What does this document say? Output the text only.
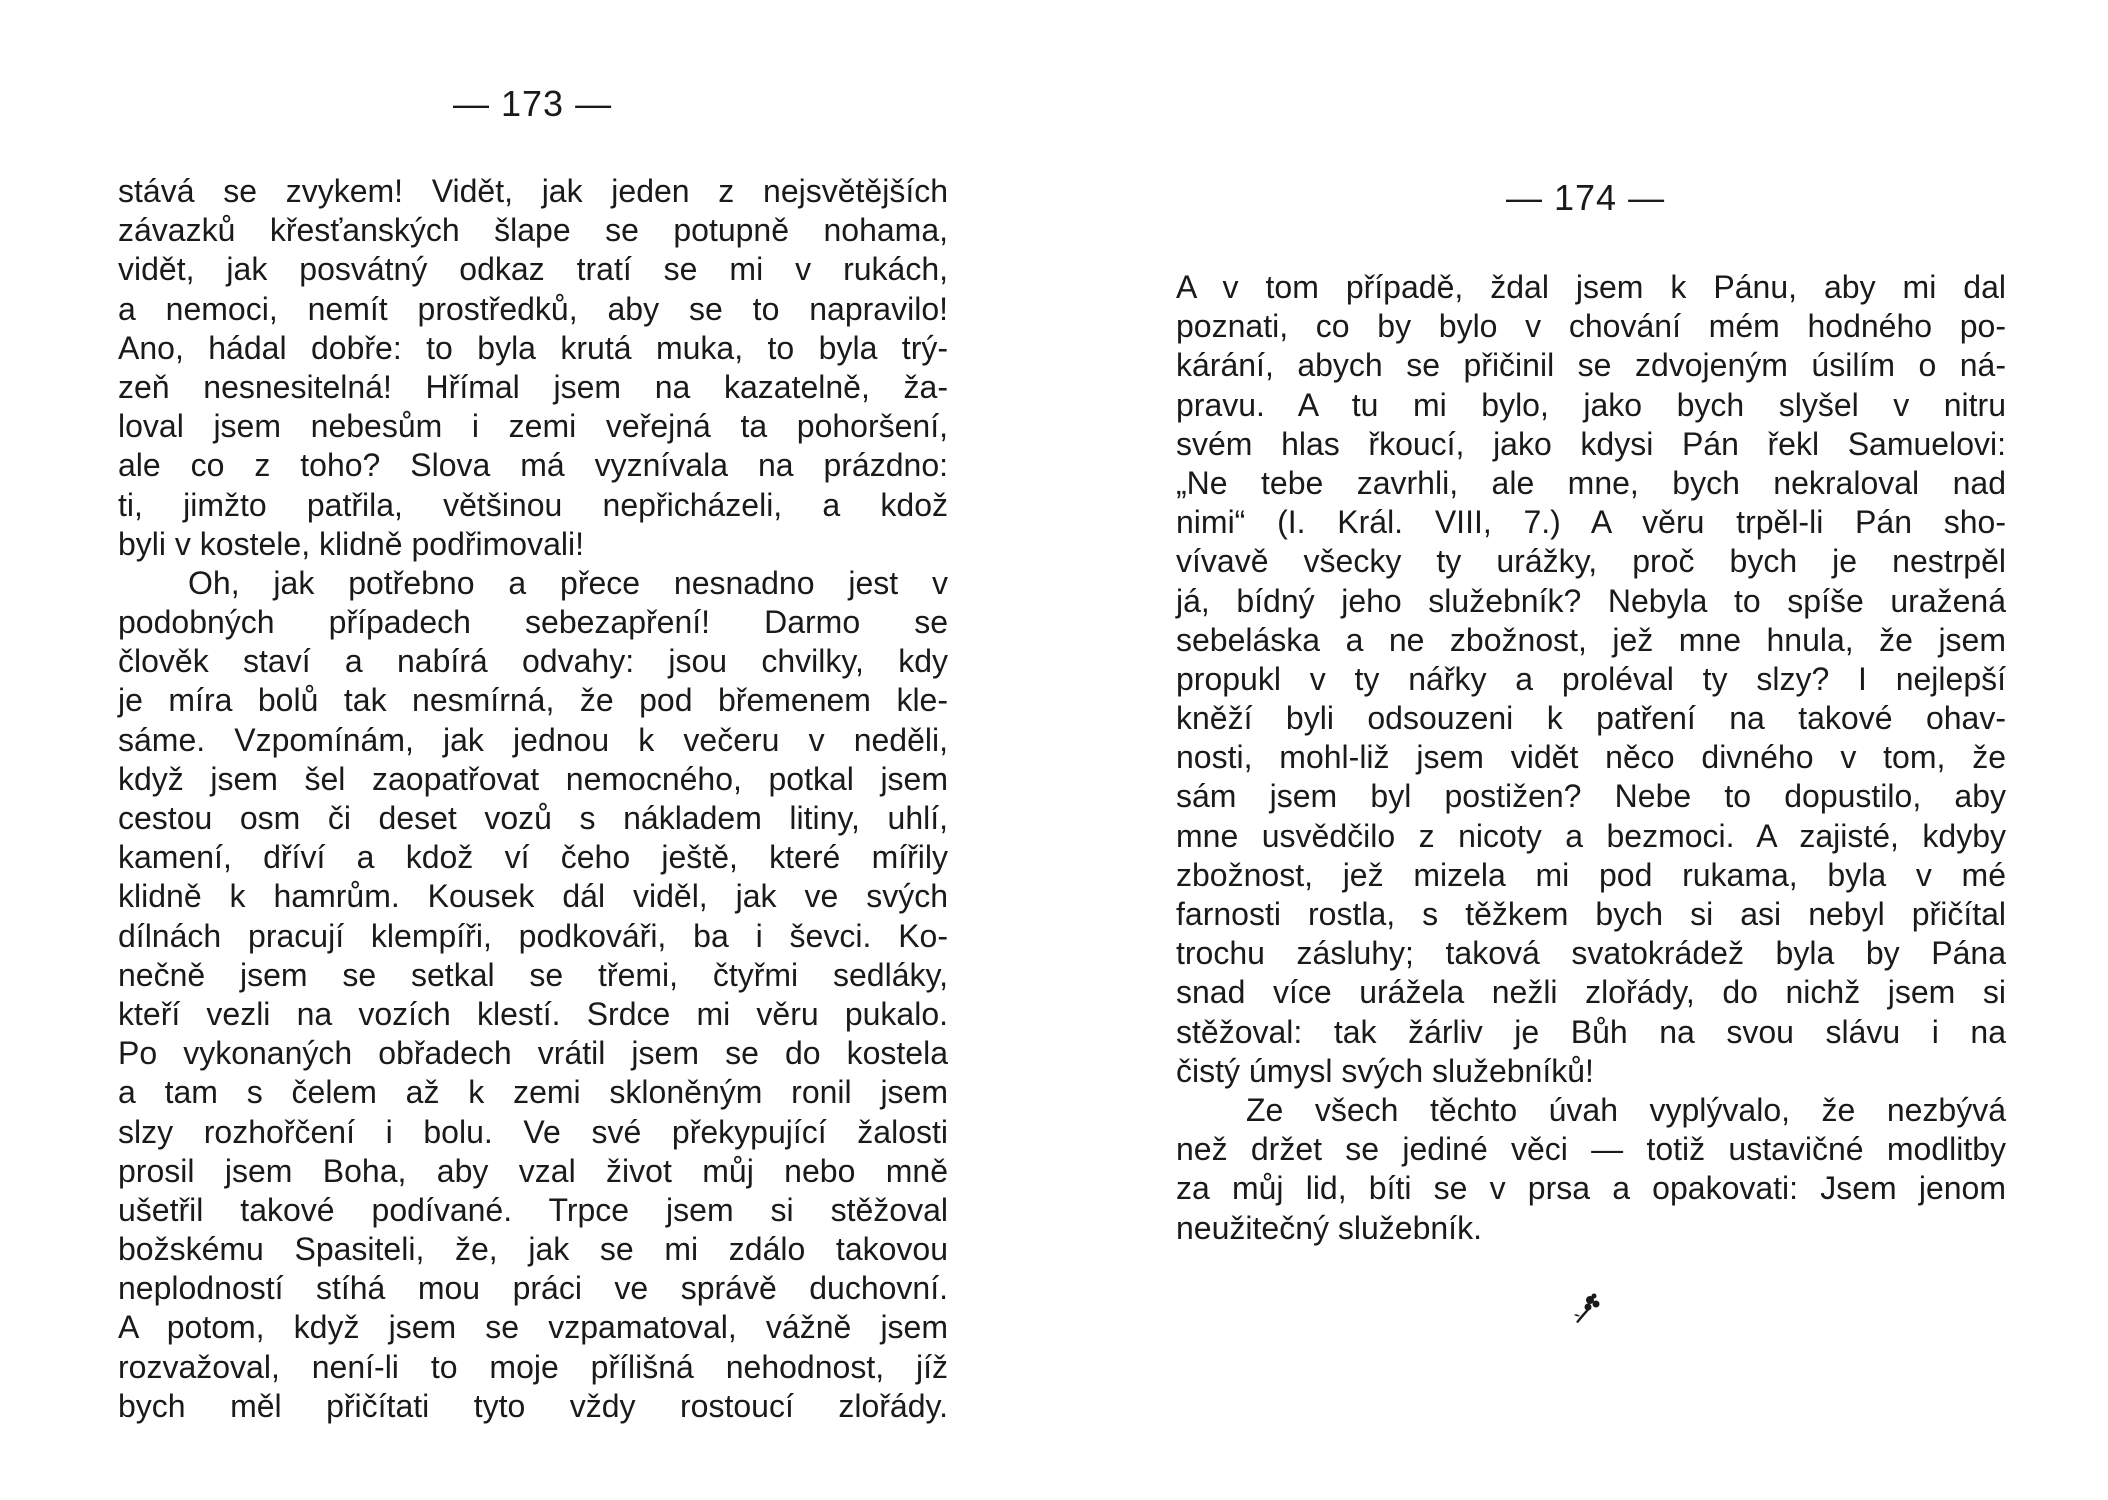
— 173 —
stává se zvykem! Vidět, jak jeden z nejsvětějších
závazků křesťanských šlape se potupně nohama,
vidět, jak posvátný odkaz tratí se mi v rukách,
a nemoci, nemít prostředků, aby se to napravilo!
Ano, hádal dobře: to byla krutá muka, to byla trý-
zeň nesnesitelná! Hřímal jsem na kazatelně, ža-
loval jsem nebesům i zemi veřejná ta pohoršení,
ale co z toho? Slova má vyznívala na prázdno:
ti, jimžto patřila, většinou nepřicházeli, a kdož
byli v kostele, klidně podřimovali!
Oh, jak potřebno a přece nesnadno jest v
podobných případech sebezapření! Darmo se
člověk staví a nabírá odvahy: jsou chvilky, kdy
je míra bolů tak nesmírná, že pod břemenem kle-
sáme. Vzpomínám, jak jednou k večeru v neděli,
když jsem šel zaopatřovat nemocného, potkal jsem
cestou osm či deset vozů s nákladem litiny, uhlí,
kamení, dříví a kdož ví čeho ještě, které mířily
klidně k hamrům. Kousek dál viděl, jak ve svých
dílnách pracují klempíři, podkováři, ba i ševci. Ko-
nečně jsem se setkal se třemi, čtyřmi sedláky,
kteří vezli na vozích klestí. Srdce mi věru pukalo.
Po vykonaných obřadech vrátil jsem se do kostela
a tam s čelem až k zemi skloněným ronil jsem
slzy rozhořčení i bolu. Ve své překypující žalosti
prosil jsem Boha, aby vzal život můj nebo mně
ušetřil takové podívané. Trpce jsem si stěžoval
božskému Spasiteli, že, jak se mi zdálo takovou
neplodností stíhá mou práci ve správě duchovní.
A potom, když jsem se vzpamatoval, vážně jsem
rozvažoval, není-li to moje přílišná nehodnost, jíž
bych měl přičítati tyto vždy rostoucí zlořády.
— 174 —
A v tom případě, ždal jsem k Pánu, aby mi dal
poznati, co by bylo v chování mém hodného po-
kárání, abych se přičinil se zdvojeným úsilím o ná-
pravu. A tu mi bylo, jako bych slyšel v nitru
svém hlas řkoucí, jako kdysi Pán řekl Samuelovi:
„Ne tebe zavrhli, ale mne, bych nekraloval nad
nimi“ (I. Král. VIII, 7.) A věru trpěl-li Pán sho-
vívavě všecky ty urážky, proč bych je nestrpěl
já, bídný jeho služebník? Nebyla to spíše uražená
sebeláska a ne zbožnost, jež mne hnula, že jsem
propukl v ty nářky a proléval ty slzy? I nejlepší
kněží byli odsouzeni k patření na takové ohav-
nosti, mohl-liž jsem vidět něco divného v tom, že
sám jsem byl postižen? Nebe to dopustilo, aby
mne usvědčilo z nicoty a bezmoci. A zajisté, kdyby
zbožnost, jež mizela mi pod rukama, byla v mé
farnosti rostla, s těžkem bych si asi nebyl přičítal
trochu zásluhy; taková svatokrádež byla by Pána
snad více urážela nežli zlořády, do nichž jsem si
stěžoval: tak žárliv je Bůh na svou slávu i na
čistý úmysl svých služebníků!
Ze všech těchto úvah vyplývalo, že nezbývá
než držet se jediné věci — totiž ustavičné modlitby
za můj lid, bíti se v prsa a opakovati: Jsem jenom
neužitečný služebník.
